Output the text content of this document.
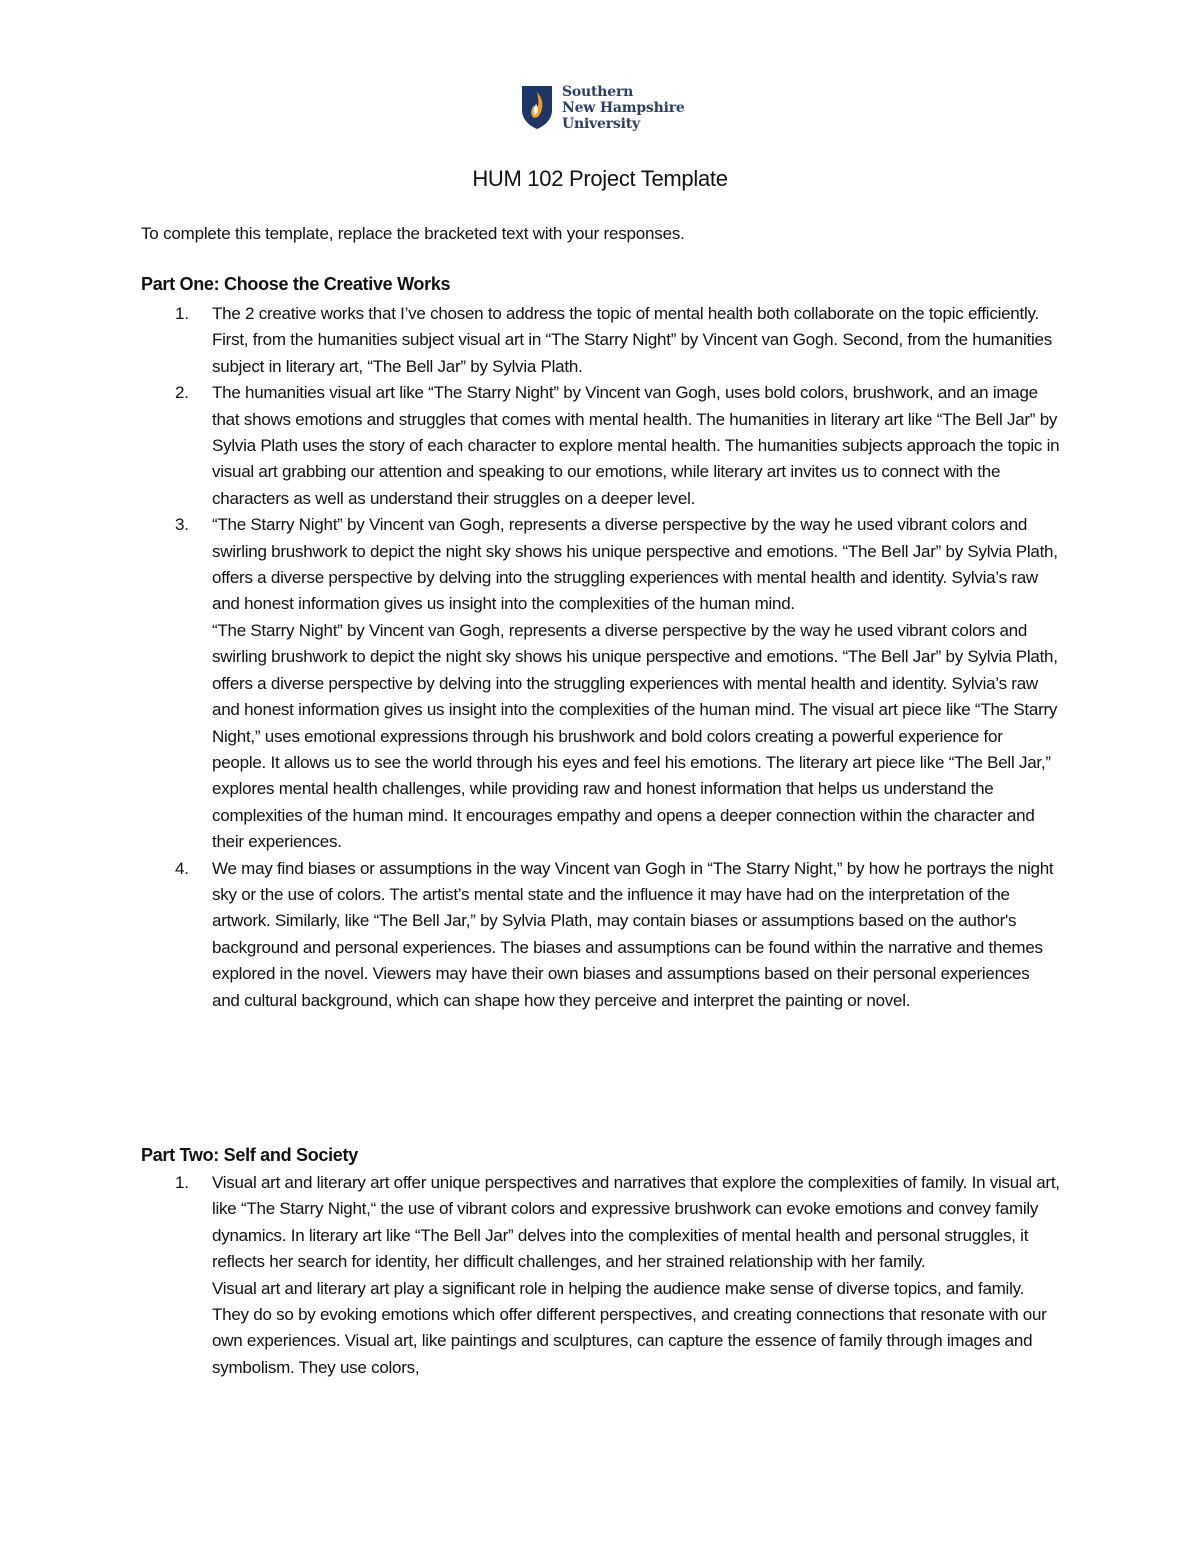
Southern
New Hampshire
University
HUM 102 Project Template

To complete this template, replace the bracketed text with your responses.

Part One: Choose the Creative Works
1. The 2 creative works that I’ve chosen to address the topic of mental health both collaborate on the topic efficiently. First, from the humanities subject visual art in “The Starry Night” by Vincent van Gogh. Second, from the humanities subject in literary art, “The Bell Jar” by Sylvia Plath.

2. The humanities visual art like “The Starry Night” by Vincent van Gogh, uses bold colors, brushwork, and an image that shows emotions and struggles that comes with mental health. The humanities in literary art like “The Bell Jar” by Sylvia Plath uses the story of each character to explore mental health. The humanities subjects approach the topic in visual art grabbing our attention and speaking to our emotions, while literary art invites us to connect with the characters as well as understand their struggles on a deeper level.

3. “The Starry Night” by Vincent van Gogh, represents a diverse perspective by the way he used vibrant colors and swirling brushwork to depict the night sky shows his unique perspective and emotions. “The Bell Jar” by Sylvia Plath, offers a diverse perspective by delving into the struggling experiences with mental health and identity. Sylvia’s raw and honest information gives us insight into the complexities of the human mind.

“The Starry Night” by Vincent van Gogh, represents a diverse perspective by the way he used vibrant colors and swirling brushwork to depict the night sky shows his unique perspective and emotions. “The Bell Jar” by Sylvia Plath, offers a diverse perspective by delving into the struggling experiences with mental health and identity. Sylvia’s raw and honest information gives us insight into the complexities of the human mind. The visual art piece like “The Starry Night,” uses emotional expressions through his brushwork and bold colors creating a powerful experience for people. It allows us to see the world through his eyes and feel his emotions. The literary art piece like “The Bell Jar,” explores mental health challenges, while providing raw and honest information that helps us understand the complexities of the human mind. It encourages empathy and opens a deeper connection within the character and their experiences.

4. We may find biases or assumptions in the way Vincent van Gogh in “The Starry Night,” by how he portrays the night sky or the use of colors. The artist’s mental state and the influence it may have had on the interpretation of the artwork. Similarly, like “The Bell Jar,” by Sylvia Plath, may contain biases or assumptions based on the author's background and personal experiences. The biases and assumptions can be found within the narrative and themes explored in the novel. Viewers may have their own biases and assumptions based on their personal experiences and cultural background, which can shape how they perceive and interpret the painting or novel.

Part Two: Self and Society
1. Visual art and literary art offer unique perspectives and narratives that explore the complexities of family. In visual art, like “The Starry Night,“ the use of vibrant colors and expressive brushwork can evoke emotions and convey family dynamics. In literary art like “The Bell Jar” delves into the complexities of mental health and personal struggles, it reflects her search for identity, her difficult challenges, and her strained relationship with her family.

Visual art and literary art play a significant role in helping the audience make sense of diverse topics, and family. They do so by evoking emotions which offer different perspectives, and creating connections that resonate with our own experiences. Visual art, like paintings and sculptures, can capture the essence of family through images and symbolism. They use colors,
